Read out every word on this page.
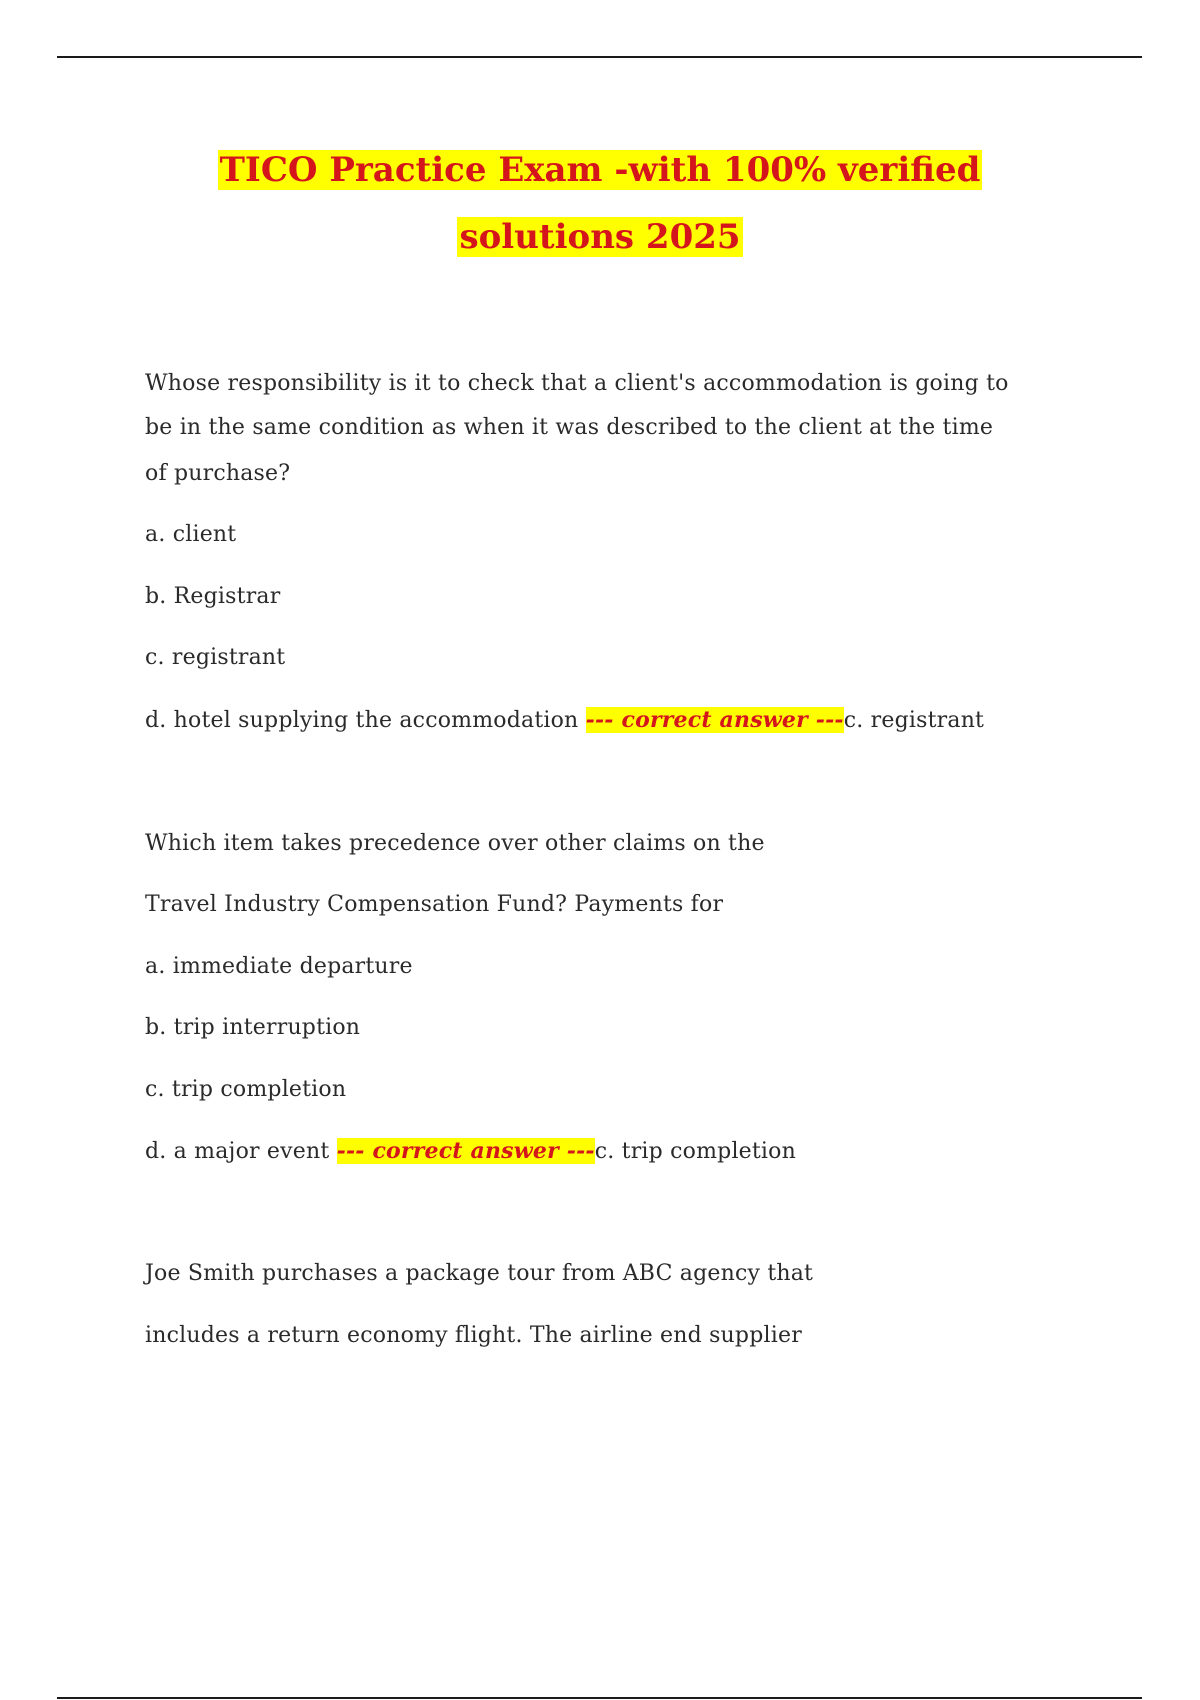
TICO Practice Exam -with 100% verified
solutions 2025

Whose responsibility is it to check that a client's accommodation is going to

be in the same condition as when it was described to the client at the time

of purchase?

a. client

b. Registrar

c. registrant

d. hotel supplying the accommodation --- correct answer ---c. registrant

Which item takes precedence over other claims on the

Travel Industry Compensation Fund? Payments for

a. immediate departure

b. trip interruption

c. trip completion

d. a major event --- correct answer ---c. trip completion

Joe Smith purchases a package tour from ABC agency that

includes a return economy flight. The airline end supplier
